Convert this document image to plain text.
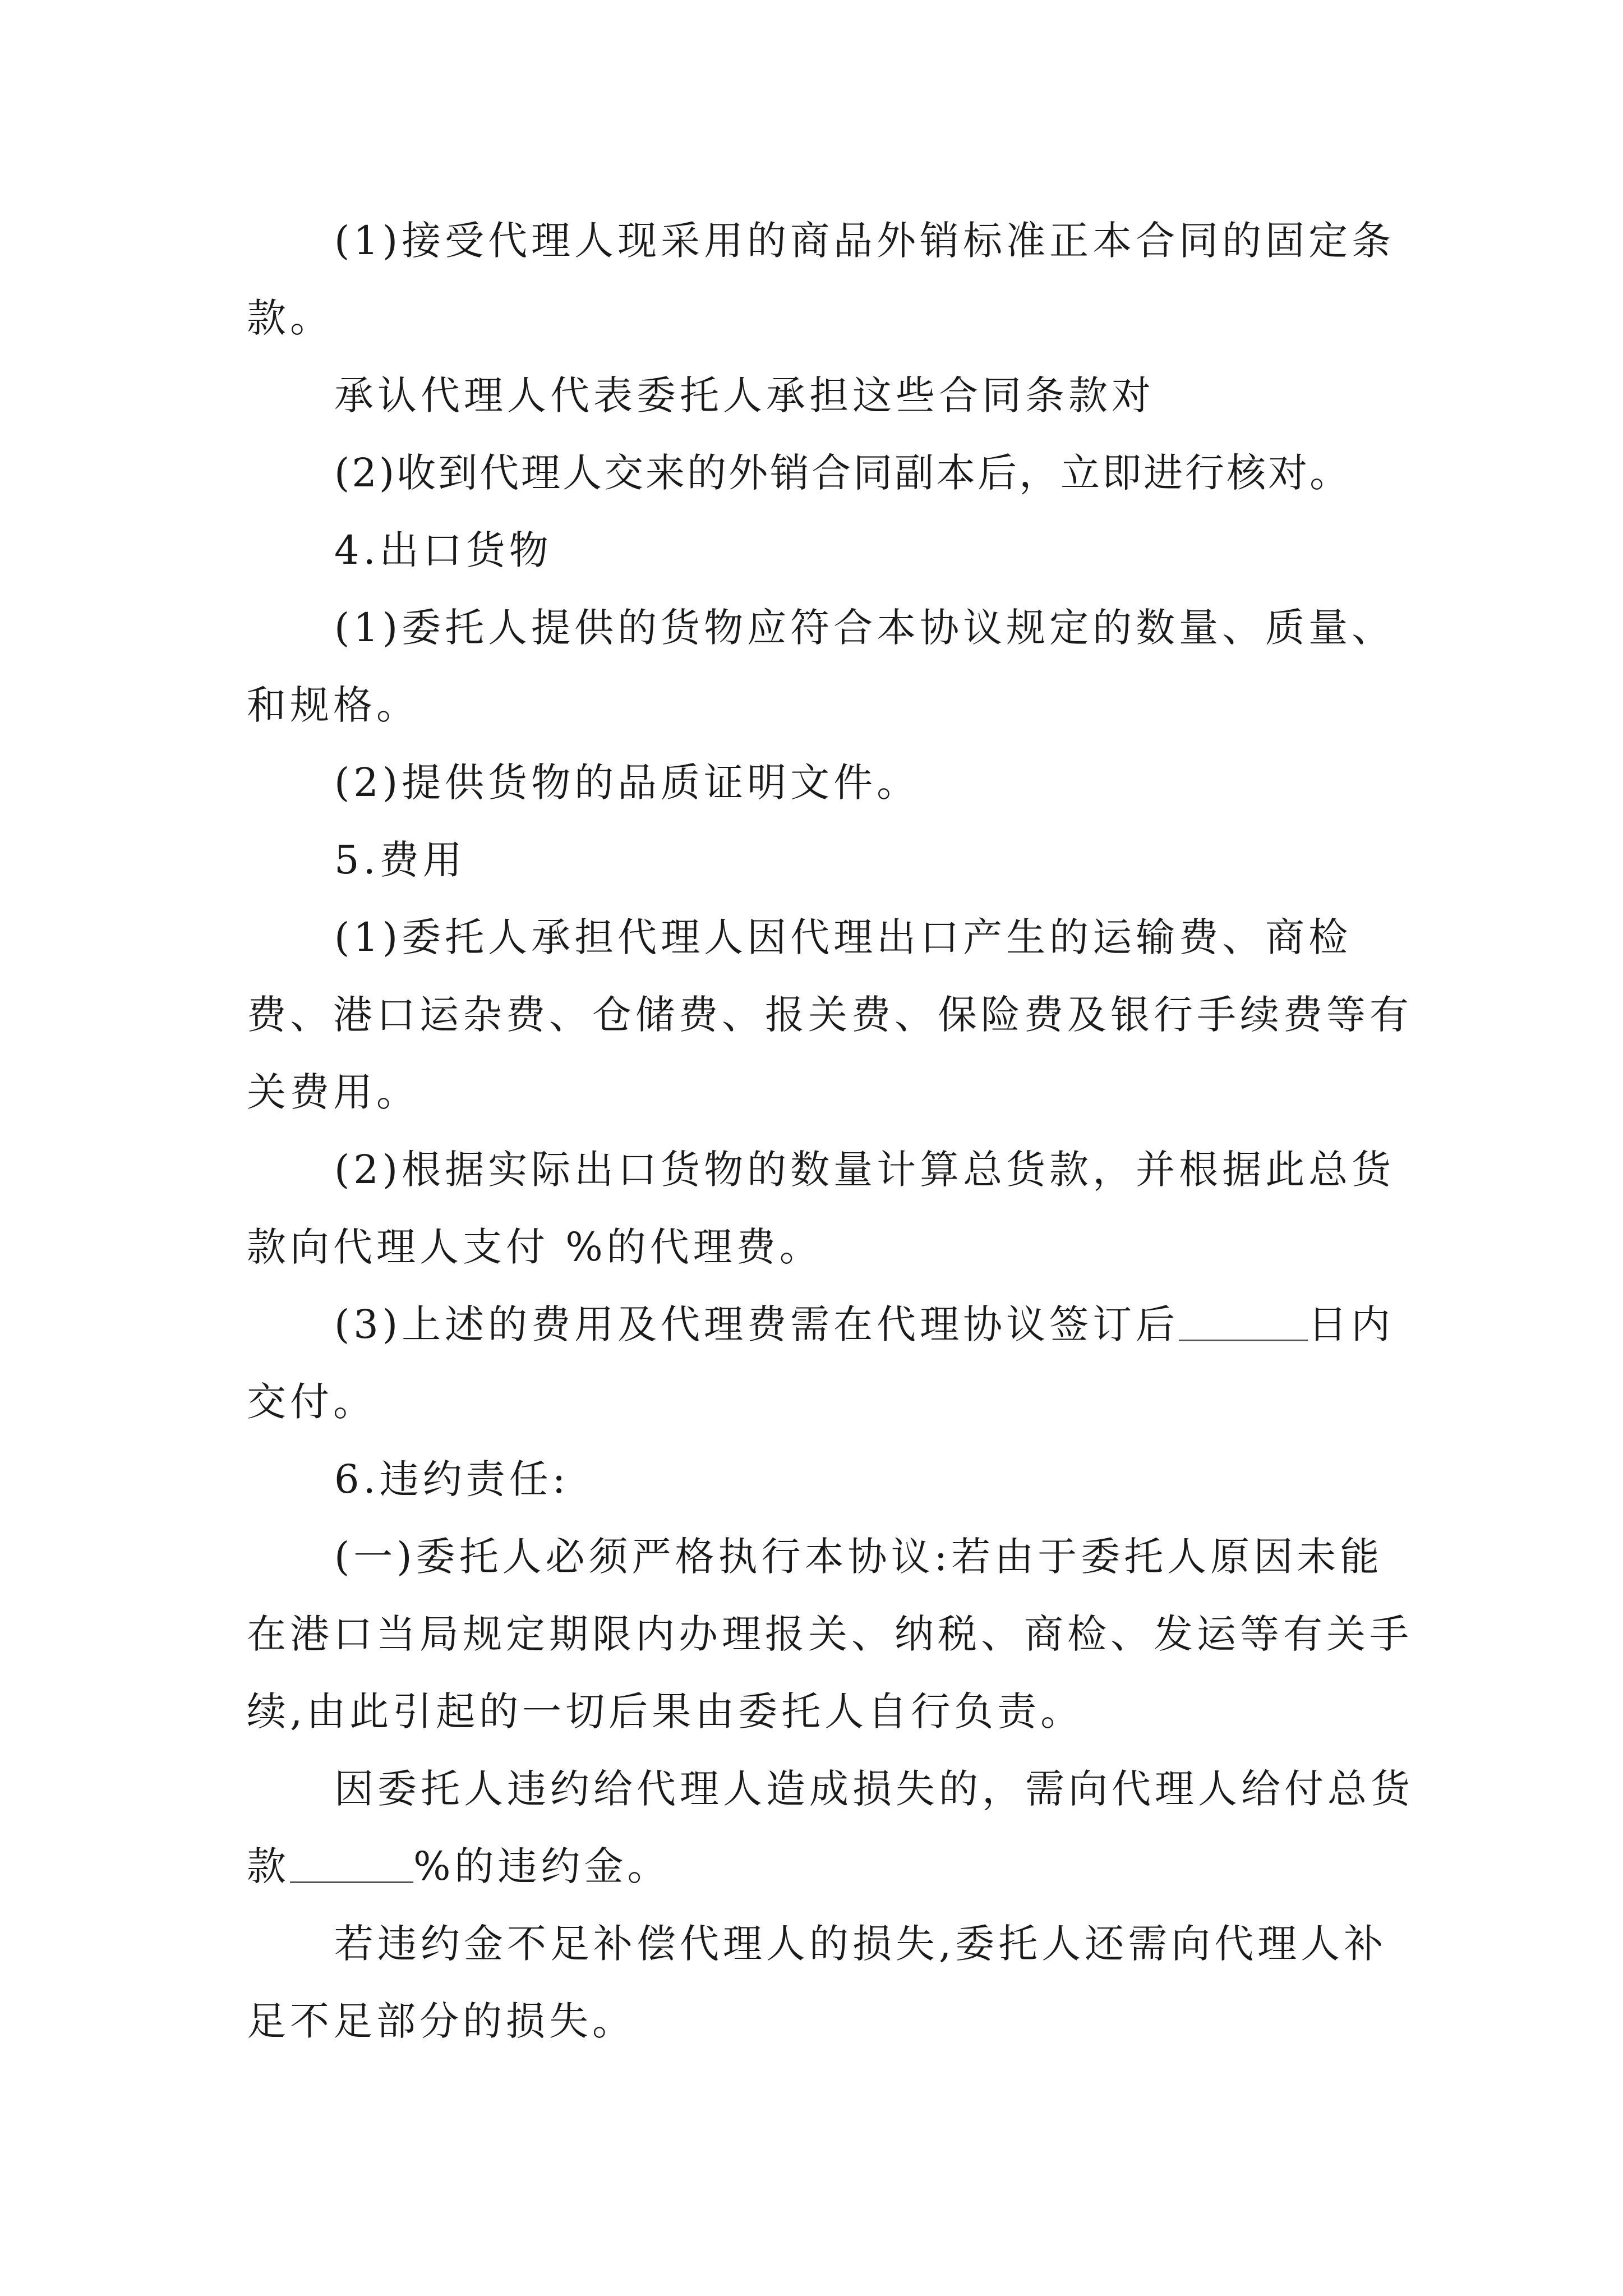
(1)接受代理人现采用的商品外销标准正本合同的固定条款。

承认代理人代表委托人承担这些合同条款对

(2)收到代理人交来的外销合同副本后，立即进行核对。

4.出口货物

(1)委托人提供的货物应符合本协议规定的数量、质量、和规格。

(2)提供货物的品质证明文件。

5.费用

(1)委托人承担代理人因代理出口产生的运输费、商检费、港口运杂费、仓储费、报关费、保险费及银行手续费等有关费用。

(2)根据实际出口货物的数量计算总货款，并根据此总货款向代理人支付 %的代理费。

(3)上述的费用及代理费需在代理协议签订后	日内交付。

6.违约责任:

(一)委托人必须严格执行本协议:若由于委托人原因未能在港口当局规定期限内办理报关、纳税、商检、发运等有关手续,由此引起的一切后果由委托人自行负责。

因委托人违约给代理人造成损失的，需向代理人给付总货款	%的违约金。

若违约金不足补偿代理人的损失,委托人还需向代理人补足不足部分的损失。
